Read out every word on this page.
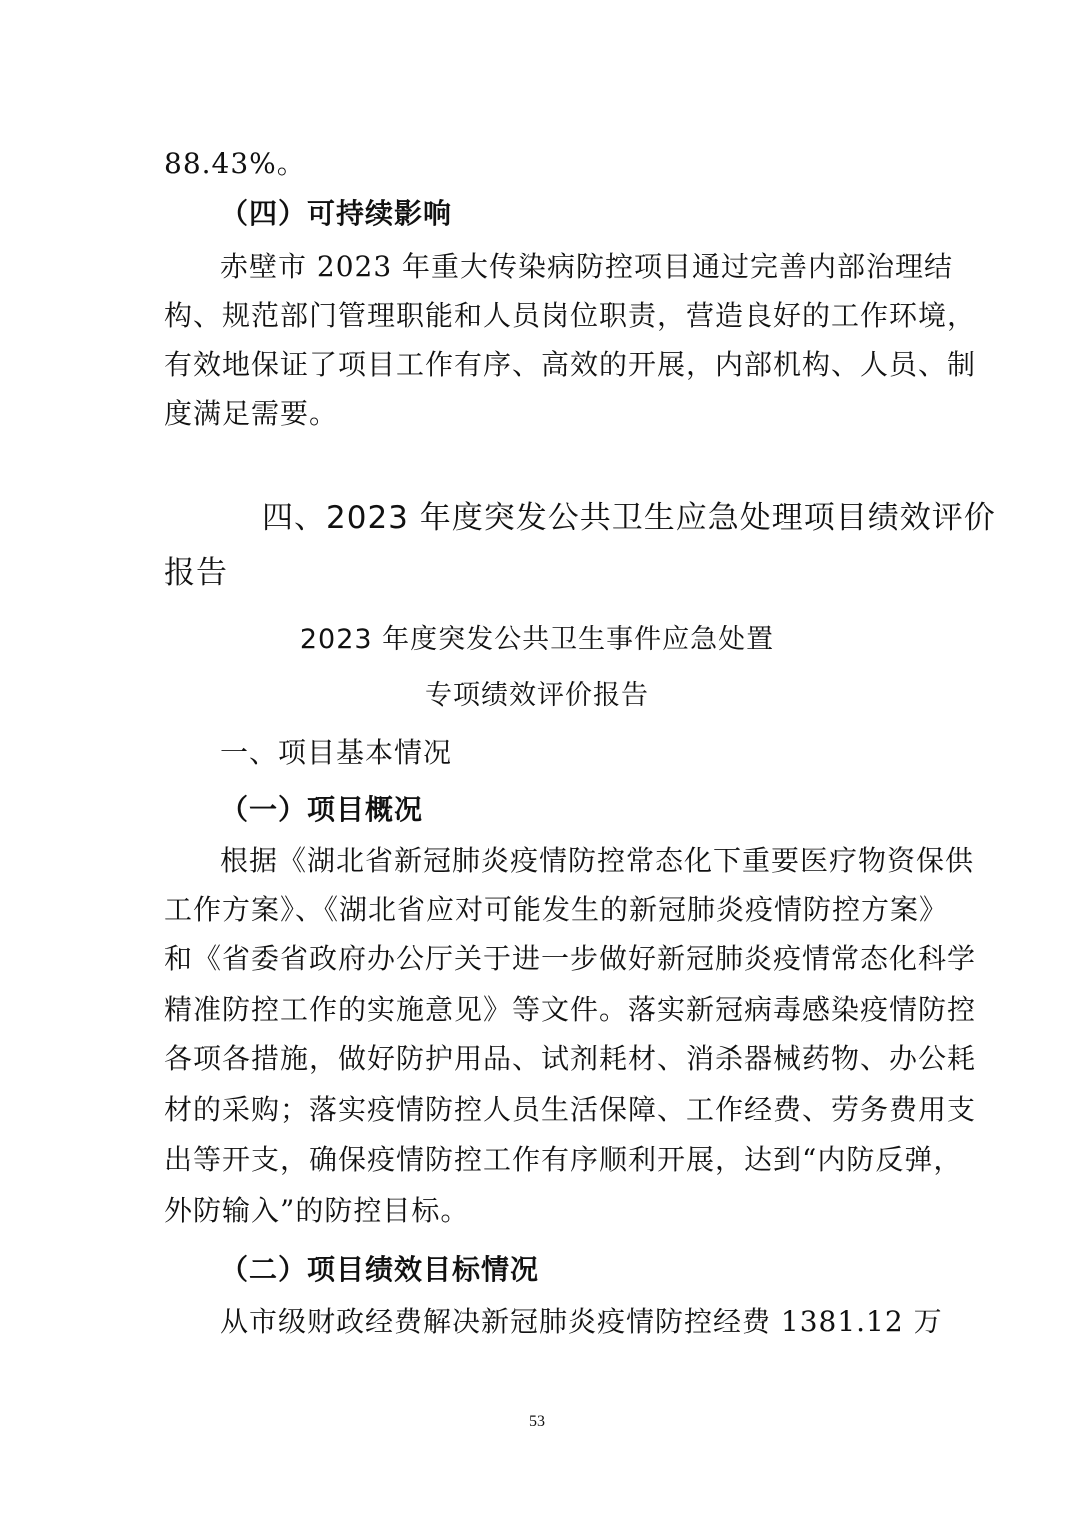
88.43%。
（四）可持续影响
赤壁市 2023 年重大传染病防控项目通过完善内部治理结
构、规范部门管理职能和人员岗位职责，营造良好的工作环境，
有效地保证了项目工作有序、高效的开展，内部机构、人员、制
度满足需要。
四、2023 年度突发公共卫生应急处理项目绩效评价
报告
2023 年度突发公共卫生事件应急处置
专项绩效评价报告
一、项目基本情况
（一）项目概况
根据《湖北省新冠肺炎疫情防控常态化下重要医疗物资保供
工作方案》、《湖北省应对可能发生的新冠肺炎疫情防控方案》
和《省委省政府办公厅关于进一步做好新冠肺炎疫情常态化科学
精准防控工作的实施意见》等文件。落实新冠病毒感染疫情防控
各项各措施，做好防护用品、试剂耗材、消杀器械药物、办公耗
材的采购；落实疫情防控人员生活保障、工作经费、劳务费用支
出等开支，确保疫情防控工作有序顺利开展，达到“内防反弹，
外防输入”的防控目标。
（二）项目绩效目标情况
从市级财政经费解决新冠肺炎疫情防控经费 1381.12 万
53
